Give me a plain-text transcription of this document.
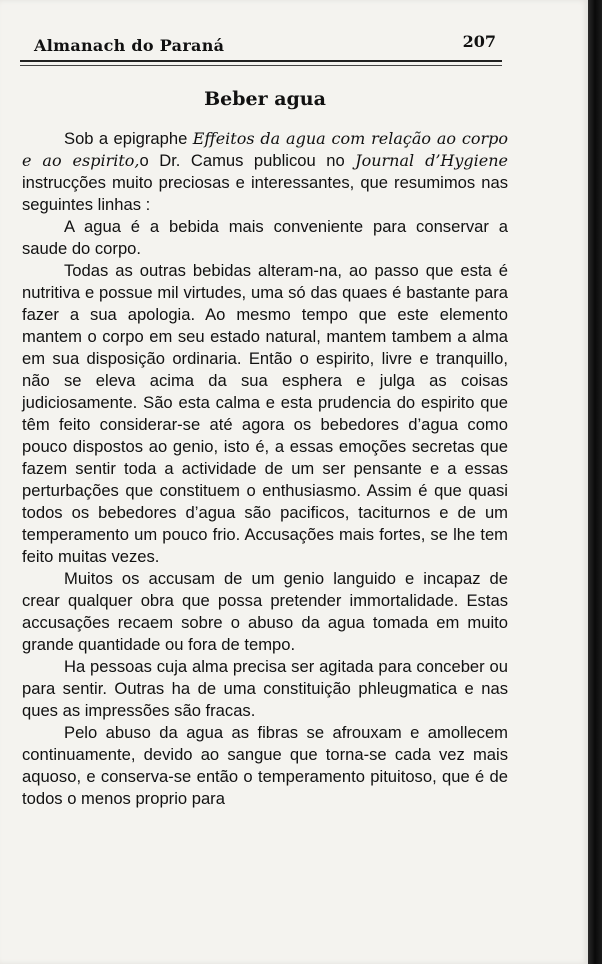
Almanach do Paraná	207
Beber agua

Sob a epigraphe Effeitos da agua com relação ao corpo e ao espirito,o Dr. Camus publicou no Journal d’Hygiene instrucções muito preciosas e interessantes, que resumimos nas seguintes linhas :

A agua é a bebida mais conveniente para conservar a saude do corpo.

Todas as outras bebidas alteram-na, ao passo que esta é nutritiva e possue mil virtudes, uma só das quaes é bastante para fazer a sua apologia. Ao mesmo tempo que este elemento mantem o corpo em seu estado natural, mantem tambem a alma em sua disposição ordinaria. Então o espirito, livre e tranquillo, não se eleva acima da sua esphera e julga as coisas judiciosamente. São esta calma e esta prudencia do espirito que têm feito considerar-se até agora os bebedores d’agua como pouco dispostos ao genio, isto é, a essas emoções secretas que fazem sentir toda a actividade de um ser pensante e a essas perturbações que constituem o enthusiasmo. Assim é que quasi todos os bebedores d’agua são pacificos, taciturnos e de um temperamento um pouco frio. Accusações mais fortes, se lhe tem feito muitas vezes.

Muitos os accusam de um genio languido e incapaz de crear qualquer obra que possa pretender immortalidade. Estas accusações recaem sobre o abuso da agua tomada em muito grande quantidade ou fora de tempo.

Ha pessoas cuja alma precisa ser agitada para conceber ou para sentir. Outras ha de uma constituição phleugmatica e nas ques as impressões são fracas.

Pelo abuso da agua as fibras se afrouxam e amollecem continuamente, devido ao sangue que torna-se cada vez mais aquoso, e conserva-se então o temperamento pituitoso, que é de todos o menos proprio para
